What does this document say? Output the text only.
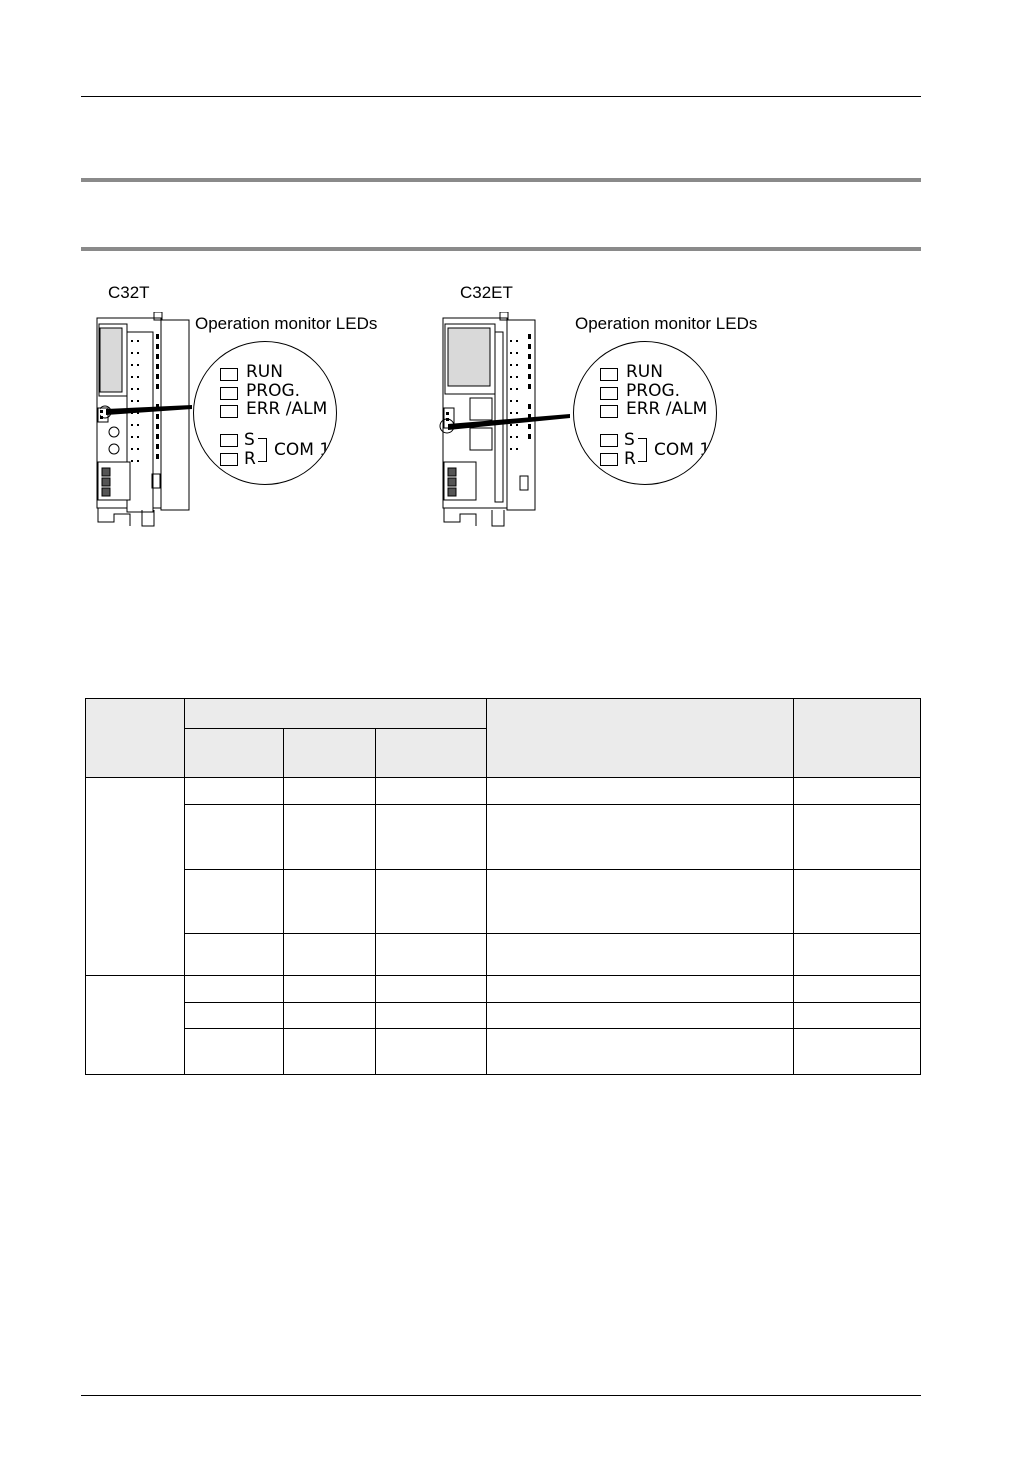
C32T
Operation monitor LEDs
RUN
PROG.
ERR /ALM
S
R COM 1
C32ET
Operation monitor LEDs
RUN
PROG.
ERR /ALM
S
R COM 1
